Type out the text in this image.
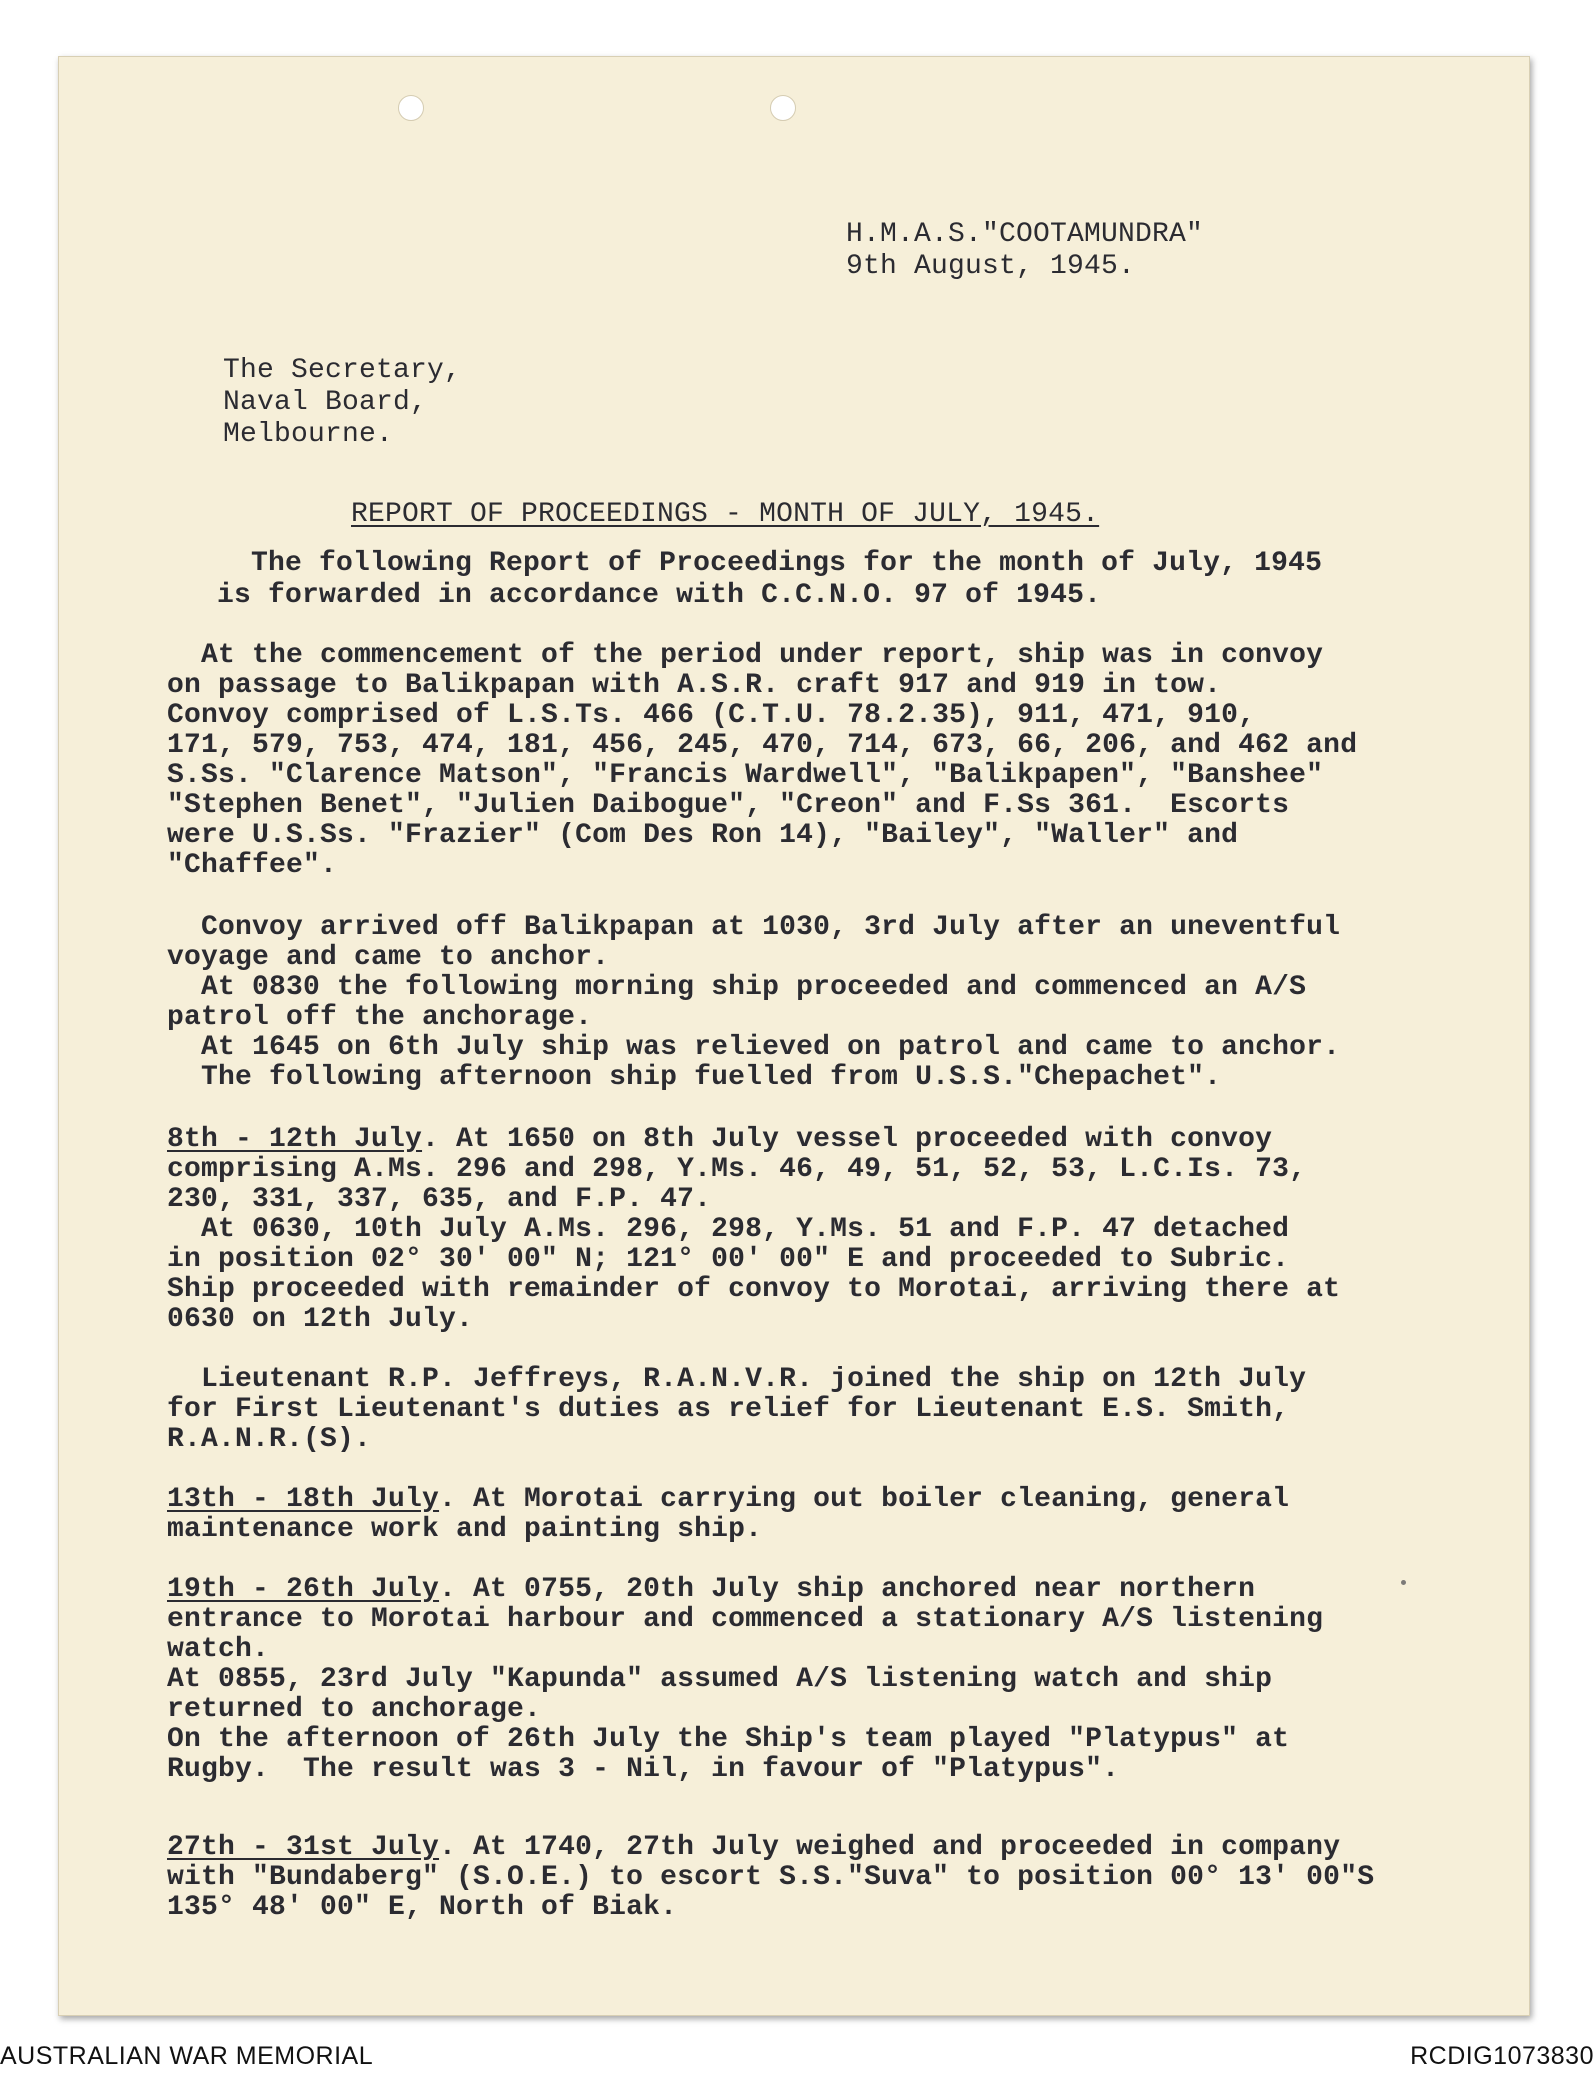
H.M.A.S."COOTAMUNDRA"
9th August, 1945.
The Secretary,
Naval Board,
Melbourne.
REPORT OF PROCEEDINGS - MONTH OF JULY, 1945.
The following Report of Proceedings for the month of July, 1945
is forwarded in accordance with C.C.N.O. 97 of 1945.
At the commencement of the period under report, ship was in convoy
on passage to Balikpapan with A.S.R. craft 917 and 919 in tow.
Convoy comprised of L.S.Ts. 466 (C.T.U. 78.2.35), 911, 471, 910,
171, 579, 753, 474, 181, 456, 245, 470, 714, 673, 66, 206, and 462 and
S.Ss. "Clarence Matson", "Francis Wardwell", "Balikpapen", "Banshee"
"Stephen Benet", "Julien Daibogue", "Creon" and F.Ss 361.  Escorts
were U.S.Ss. "Frazier" (Com Des Ron 14), "Bailey", "Waller" and
"Chaffee".
Convoy arrived off Balikpapan at 1030, 3rd July after an uneventful
voyage and came to anchor.
At 0830 the following morning ship proceeded and commenced an A/S
patrol off the anchorage.
At 1645 on 6th July ship was relieved on patrol and came to anchor.
The following afternoon ship fuelled from U.S.S."Chepachet".
8th - 12th July. At 1650 on 8th July vessel proceeded with convoy
comprising A.Ms. 296 and 298, Y.Ms. 46, 49, 51, 52, 53, L.C.Is. 73,
230, 331, 337, 635, and F.P. 47.
At 0630, 10th July A.Ms. 296, 298, Y.Ms. 51 and F.P. 47 detached
in position 02° 30' 00" N; 121° 00' 00" E and proceeded to Subric.
Ship proceeded with remainder of convoy to Morotai, arriving there at
0630 on 12th July.
Lieutenant R.P. Jeffreys, R.A.N.V.R. joined the ship on 12th July
for First Lieutenant's duties as relief for Lieutenant E.S. Smith,
R.A.N.R.(S).
13th - 18th July. At Morotai carrying out boiler cleaning, general
maintenance work and painting ship.
19th - 26th July. At 0755, 20th July ship anchored near northern
entrance to Morotai harbour and commenced a stationary A/S listening
watch.
At 0855, 23rd July "Kapunda" assumed A/S listening watch and ship
returned to anchorage.
On the afternoon of 26th July the Ship's team played "Platypus" at
Rugby.  The result was 3 - Nil, in favour of "Platypus".
27th - 31st July. At 1740, 27th July weighed and proceeded in company
with "Bundaberg" (S.O.E.) to escort S.S."Suva" to position 00° 13' 00"S
135° 48' 00" E, North of Biak.
AUSTRALIAN WAR MEMORIAL	RCDIG1073830
